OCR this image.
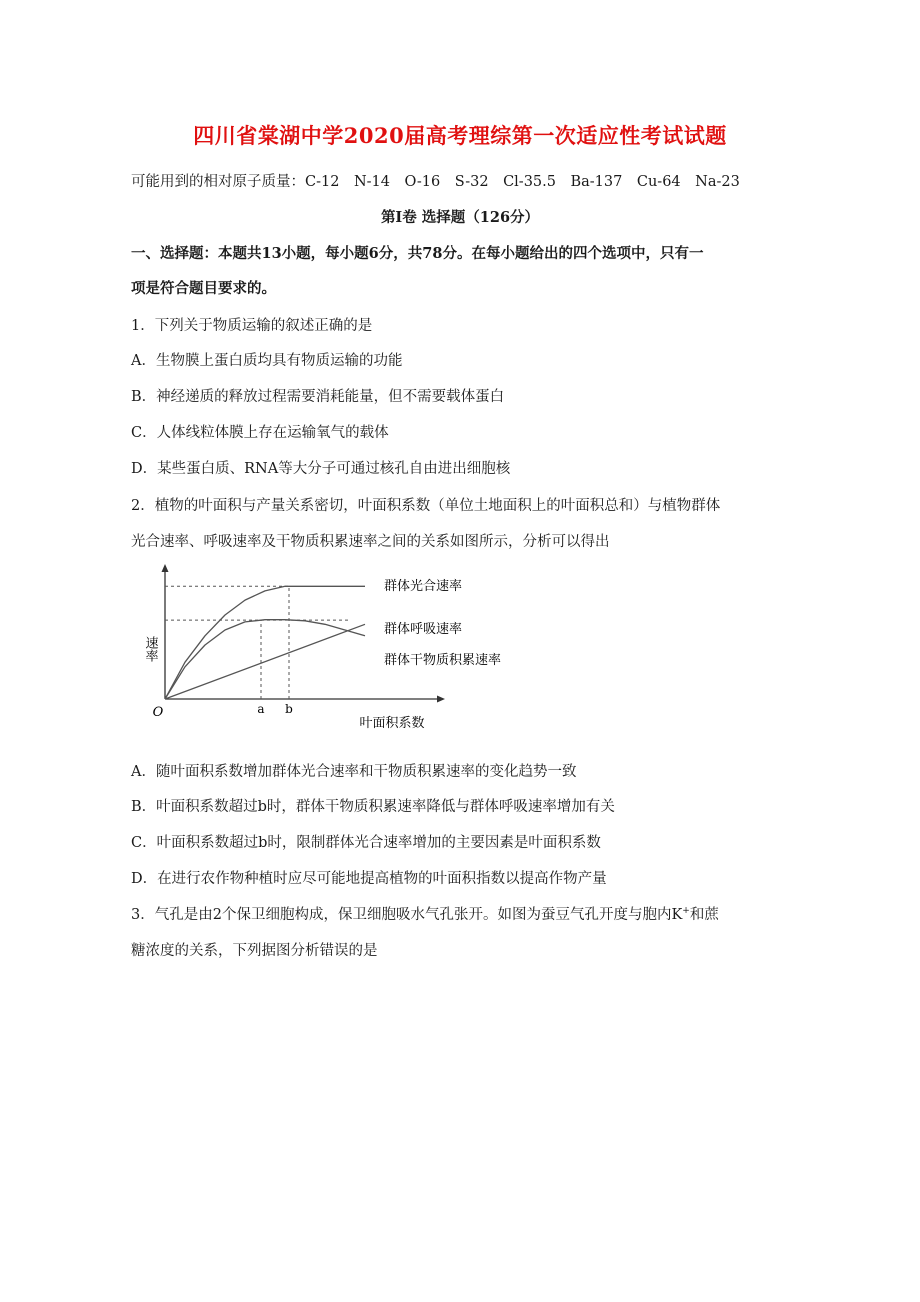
四川省棠湖中学2020届高考理综第一次适应性考试试题
可能用到的相对原子质量：C-12　N-14　O-16　S-32　Cl-35.5　Ba-137　Cu-64　Na-23
第Ⅰ卷 选择题（126分）
一、选择题：本题共13小题，每小题6分，共78分。在每小题给出的四个选项中，只有一
项是符合题目要求的。
1．下列关于物质运输的叙述正确的是
A．生物膜上蛋白质均具有物质运输的功能
B．神经递质的释放过程需要消耗能量，但不需要载体蛋白
C．人体线粒体膜上存在运输氧气的载体
D．某些蛋白质、RNA等大分子可通过核孔自由进出细胞核
2．植物的叶面积与产量关系密切，叶面积系数（单位土地面积上的叶面积总和）与植物群体
光合速率、呼吸速率及干物质积累速率之间的关系如图所示，分析可以得出
O	a b
叶面积系数
速率
群体光合速率
群体呼吸速率
群体干物质积累速率
A．随叶面积系数增加群体光合速率和干物质积累速率的变化趋势一致
B．叶面积系数超过b时，群体干物质积累速率降低与群体呼吸速率增加有关
C．叶面积系数超过b时，限制群体光合速率增加的主要因素是叶面积系数
D．在进行农作物种植时应尽可能地提高植物的叶面积指数以提高作物产量
3．气孔是由2个保卫细胞构成，保卫细胞吸水气孔张开。如图为蚕豆气孔开度与胞内K+和蔗
糖浓度的关系，下列据图分析错误的是
